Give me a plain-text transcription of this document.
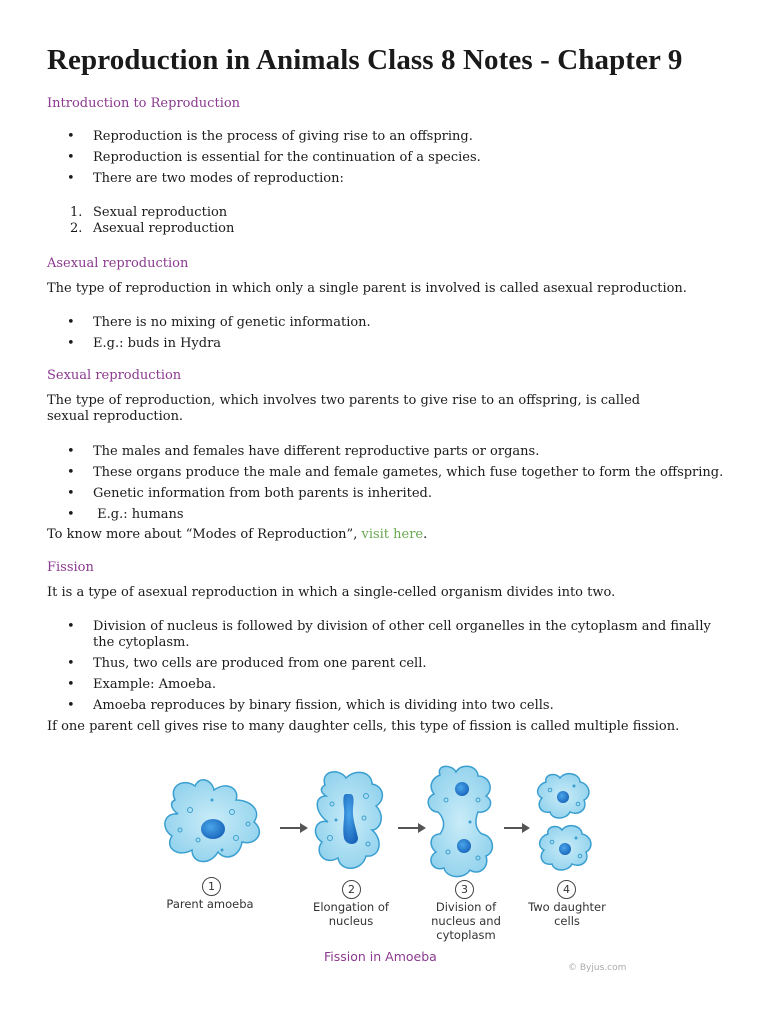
Reproduction in Animals Class 8 Notes - Chapter 9
Introduction to Reproduction
• Reproduction is the process of giving rise to an offspring.
• Reproduction is essential for the continuation of a species.
• There are two modes of reproduction:
1. Sexual reproduction
2. Asexual reproduction
Asexual reproduction
The type of reproduction in which only a single parent is involved is called asexual reproduction.
• There is no mixing of genetic information.
• E.g.: buds in Hydra
Sexual reproduction
The type of reproduction, which involves two parents to give rise to an offspring, is called sexual reproduction.
• The males and females have different reproductive parts or organs.
• These organs produce the male and female gametes, which fuse together to form the offspring.
• Genetic information from both parents is inherited.
• E.g.: humans
To know more about “Modes of Reproduction”, visit here.
Fission
It is a type of asexual reproduction in which a single-celled organism divides into two.
• Division of nucleus is followed by division of other cell organelles in the cytoplasm and finally the cytoplasm.
• Thus, two cells are produced from one parent cell.
• Example: Amoeba.
• Amoeba reproduces by binary fission, which is dividing into two cells.
If one parent cell gives rise to many daughter cells, this type of fission is called multiple fission.
1	2	3	4
Parent amoeba	Elongation of nucleus
Division of nucleus and cytoplasm
Two daughter cells
Fission in Amoeba
© Byjus.com
